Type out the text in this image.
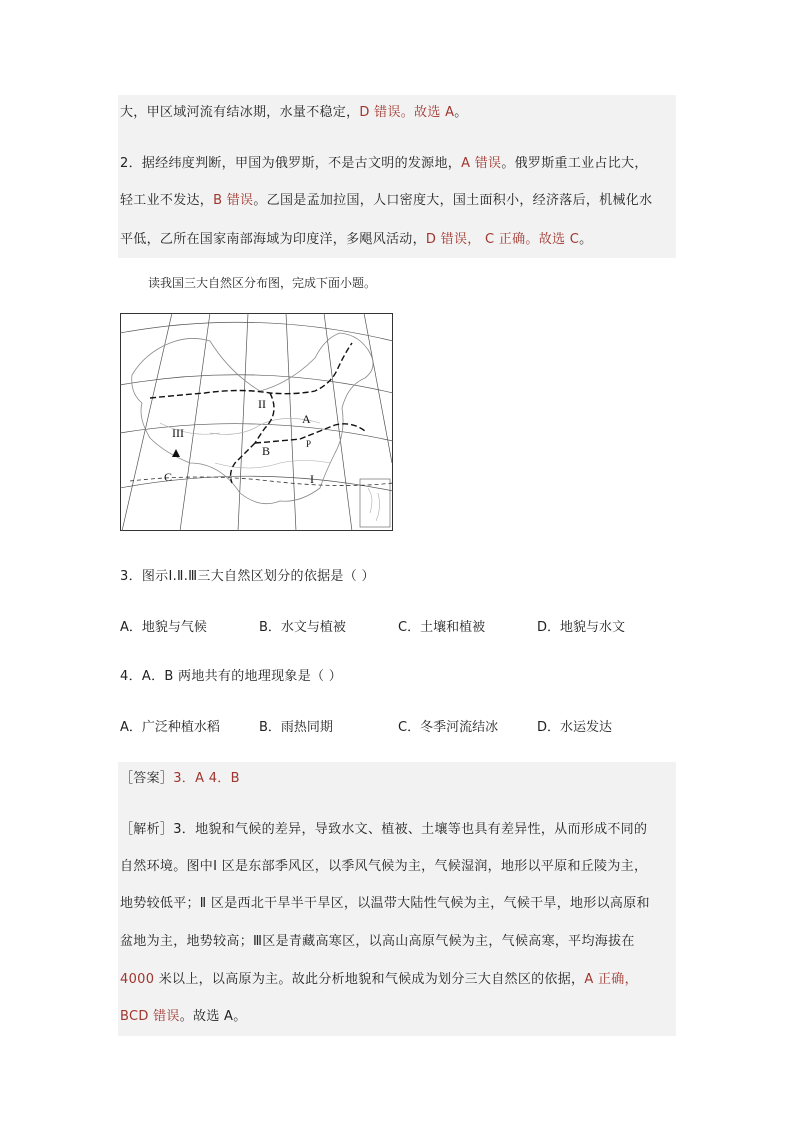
大，甲区域河流有结冰期，水量不稳定，D 错误。故选 A。
2．据经纬度判断，甲国为俄罗斯，不是古文明的发源地，A 错误。俄罗斯重工业占比大，
轻工业不发达，B 错误。乙国是孟加拉国，人口密度大，国土面积小，经济落后，机械化水
平低，乙所在国家南部海域为印度洋，多飓风活动，D 错误， C 正确。故选 C。
读我国三大自然区分布图，完成下面小题。
II
III
A
B
C	I
P
3．图示Ⅰ.Ⅱ.Ⅲ三大自然区划分的依据是（ ）
A．地貌与气候	B．水文与植被	C．土壤和植被	D．地貌与水文
4．A．B 两地共有的地理现象是（ ）
A．广泛种植水稻	B．雨热同期	C．冬季河流结冰	D．水运发达
［答案］3．A 4．B
［解析］3．地貌和气候的差异，导致水文、植被、土壤等也具有差异性，从而形成不同的
自然环境。图中Ⅰ 区是东部季风区，以季风气候为主，气候湿润，地形以平原和丘陵为主，
地势较低平；Ⅱ 区是西北干旱半干旱区，以温带大陆性气候为主，气候干旱，地形以高原和
盆地为主，地势较高；Ⅲ区是青藏高寒区，以高山高原气候为主，气候高寒，平均海拔在
4000 米以上，以高原为主。故此分析地貌和气候成为划分三大自然区的依据，A 正确，
BCD 错误。故选 A。
